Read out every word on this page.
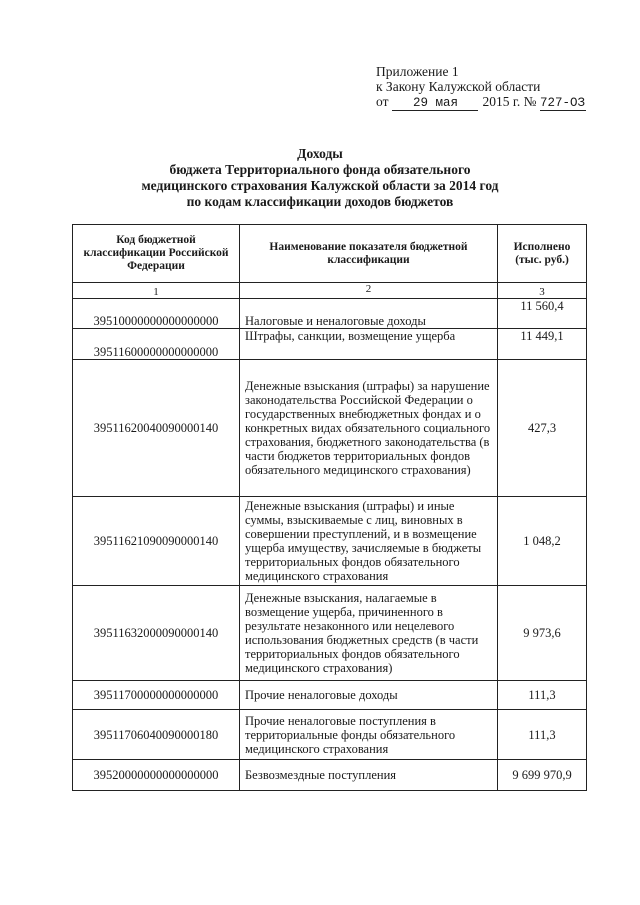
Приложение 1
к Закону Калужской области
от 29 мая 2015 г. № 727-ОЗ
Доходы
бюджета Территориального фонда обязательного
медицинского страхования Калужской области за 2014 год
по кодам классификации доходов бюджетов
Код бюджетной классификации Российской Федерации	Наименование показателя бюджетной классификации	Исполнено (тыс. руб.)
1	2	3
39510000000000000000	Налоговые и неналоговые доходы	11 560,4
39511600000000000000	Штрафы, санкции, возмещение ущерба	11 449,1
39511620040090000140	Денежные взыскания (штрафы) за нарушение законодательства Российской Федерации о государственных внебюджетных фондах и о конкретных видах обязательного социального страхования, бюджетного законодательства (в части бюджетов территориальных фондов обязательного медицинского страхования)	427,3
39511621090090000140	Денежные взыскания (штрафы) и иные суммы, взыскиваемые с лиц, виновных в совершении преступлений, и в возмещение ущерба имуществу, зачисляемые в бюджеты территориальных фондов обязательного медицинского страхования	1 048,2
39511632000090000140	Денежные взыскания, налагаемые в возмещение ущерба, причиненного в результате незаконного или нецелевого использования бюджетных средств (в части территориальных фондов обязательного медицинского страхования)	9 973,6
39511700000000000000	Прочие неналоговые доходы	111,3
39511706040090000180	Прочие неналоговые поступления в территориальные фонды обязательного медицинского страхования	111,3
39520000000000000000	Безвозмездные поступления	9 699 970,9
